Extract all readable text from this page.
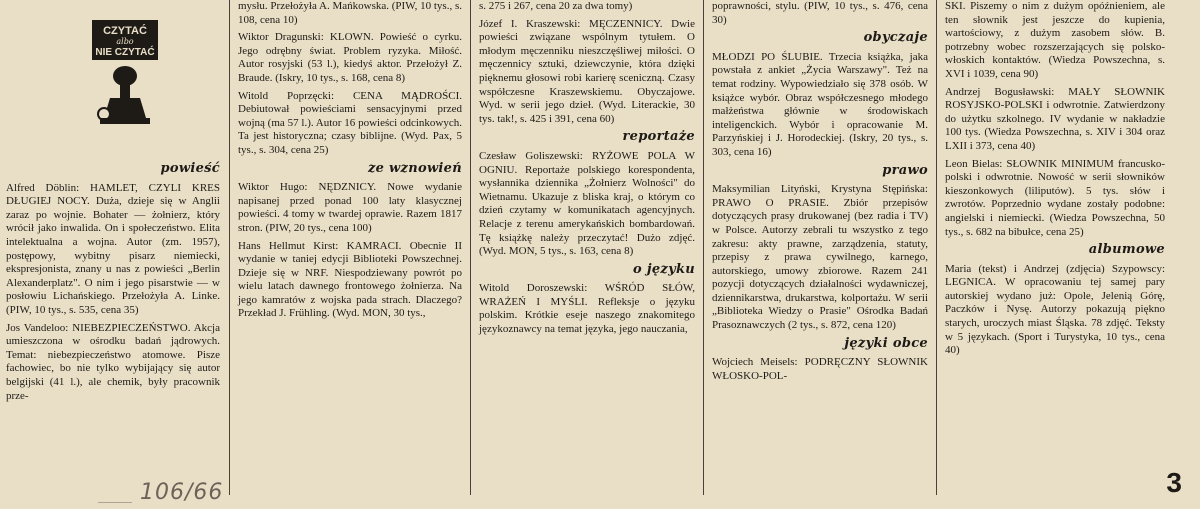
CZYTAĆ
albo
NIE CZYTAĆ
powieść

Alfred Döblin: HAMLET, CZYLI KRES DŁUGIEJ NOCY. Duża, dzieje się w Anglii zaraz po wojnie. Bohater — żołnierz, który wrócił jako inwalida. On i społeczeństwo. Elita intelektualna a wojna. Autor (zm. 1957), postępowy, wybitny pisarz niemiecki, ekspresjonista, znany u nas z powieści „Berlin Alexanderplatz". O nim i jego pisarstwie — w posłowiu Lichańskiego. Przełożyła A. Linke. (PIW, 10 tys., s. 535, cena 35)

Jos Vandeloo: NIEBEZPIECZEŃSTWO. Akcja umieszczona w ośrodku badań jądrowych. Temat: niebezpieczeństwo atomowe. Pisze fachowiec, bo nie tylko wybijający się autor belgijski (41 l.), ale chemik, były pracownik prze-

mysłu. Przełożyła A. Mańkowska. (PIW, 10 tys., s. 108, cena 10)

Wiktor Dragunski: KLOWN. Powieść o cyrku. Jego odrębny świat. Problem ryzyka. Miłość. Autor rosyjski (53 l.), kiedyś aktor. Przełożył Z. Braude. (Iskry, 10 tys., s. 168, cena 8)

Witold Poprzęcki: CENA MĄDROŚCI. Debiutował powieściami sensacyjnymi przed wojną (ma 57 l.). Autor 16 powieści odcinkowych. Ta jest historyczna; czasy biblijne. (Wyd. Pax, 5 tys., s. 304, cena 25)

ze wznowień

Wiktor Hugo: NĘDZNICY. Nowe wydanie napisanej przed ponad 100 laty klasycznej powieści. 4 tomy w twardej oprawie. Razem 1817 stron. (PIW, 20 tys., cena 100)

Hans Hellmut Kirst: KAMRACI. Obecnie II wydanie w taniej edycji Biblioteki Powszechnej. Dzieje się w NRF. Niespodziewany powrót po wielu latach dawnego frontowego żołnierza. Na jego kamratów z wojska pada strach. Dlaczego? Przekład J. Frühling. (Wyd. MON, 30 tys.,

s. 275 i 267, cena 20 za dwa tomy)

Józef I. Kraszewski: MĘCZENNICY. Dwie powieści związane wspólnym tytułem. O młodym męczenniku nieszczęśliwej miłości. O męczennicy sztuki, dziewczynie, która dzięki pięknemu głosowi robi karierę sceniczną. Czasy współczesne Kraszewskiemu. Obyczajowe. Wyd. w serii jego dzieł. (Wyd. Literackie, 30 tys. tak!, s. 425 i 391, cena 60)

reportaże

Czesław Goliszewski: RYŻOWE POLA W OGNIU. Reportaże polskiego korespondenta, wysłannika dziennika „Żołnierz Wolności" do Wietnamu. Ukazuje z bliska kraj, o którym co dzień czytamy w komunikatach agencyjnych. Relacje z terenu amerykańskich bombardowań. Tę książkę należy przeczytać! Dużo zdjęć. (Wyd. MON, 5 tys., s. 163, cena 8)

o języku

Witold Doroszewski: WŚRÓD SŁÓW, WRAŻEŃ I MYŚLI. Refleksje o języku polskim. Krótkie eseje naszego znakomitego językoznawcy na temat języka, jego nauczania,

poprawności, stylu. (PIW, 10 tys., s. 476, cena 30)

obyczaje

MŁODZI PO ŚLUBIE. Trzecia książka, jaka powstała z ankiet „Życia Warszawy". Też na temat rodziny. Wypowiedziało się 378 osób. W książce wybór. Obraz współczesnego młodego małżeństwa głównie w środowiskach inteligenckich. Wybór i opracowanie M. Parzyńskiej i J. Horodeckiej. (Iskry, 20 tys., s. 303, cena 16)

prawo

Maksymilian Lityński, Krystyna Stępińska: PRAWO O PRASIE. Zbiór przepisów dotyczących prasy drukowanej (bez radia i TV) w Polsce. Autorzy zebrali tu wszystko z tego zakresu: akty prawne, zarządzenia, statuty, przepisy z prawa cywilnego, karnego, autorskiego, umowy zbiorowe. Razem 241 pozycji dotyczących działalności wydawniczej, dziennikarstwa, drukarstwa, kolportażu. W serii „Biblioteka Wiedzy o Prasie" Ośrodka Badań Prasoznawczych (2 tys., s. 872, cena 120)

języki obce

Wojciech Meisels: PODRĘCZNY SŁOWNIK WŁOSKO-POL-

SKI. Piszemy o nim z dużym opóźnieniem, ale ten słownik jest jeszcze do kupienia, wartościowy, z dużym zasobem słów. B. potrzebny wobec rozszerzających się polsko-włoskich kontaktów. (Wiedza Powszechna, s. XVI i 1039, cena 90)

Andrzej Bogusławski: MAŁY SŁOWNIK ROSYJSKO-POLSKI i odwrotnie. Zatwierdzony do użytku szkolnego. IV wydanie w nakładzie 100 tys. (Wiedza Powszechna, s. XIV i 304 oraz LXII i 373, cena 40)

Leon Bielas: SŁOWNIK MINIMUM francusko-polski i odwrotnie. Nowość w serii słowników kieszonkowych (liliputów). 5 tys. słów i zwrotów. Poprzednio wydane zostały podobne: angielski i niemiecki. (Wiedza Powszechna, 50 tys., s. 682 na bibułce, cena 25)

albumowe

Maria (tekst) i Andrzej (zdjęcia) Szypowscy: LEGNICA. W opracowaniu tej samej pary autorskiej wydano już: Opole, Jelenią Górę, Paczków i Nysę. Autorzy pokazują piękno starych, uroczych miast Śląska. 78 zdjęć. Teksty w 5 językach. (Sport i Turystyka, 10 tys., cena 40)

106/66	3
